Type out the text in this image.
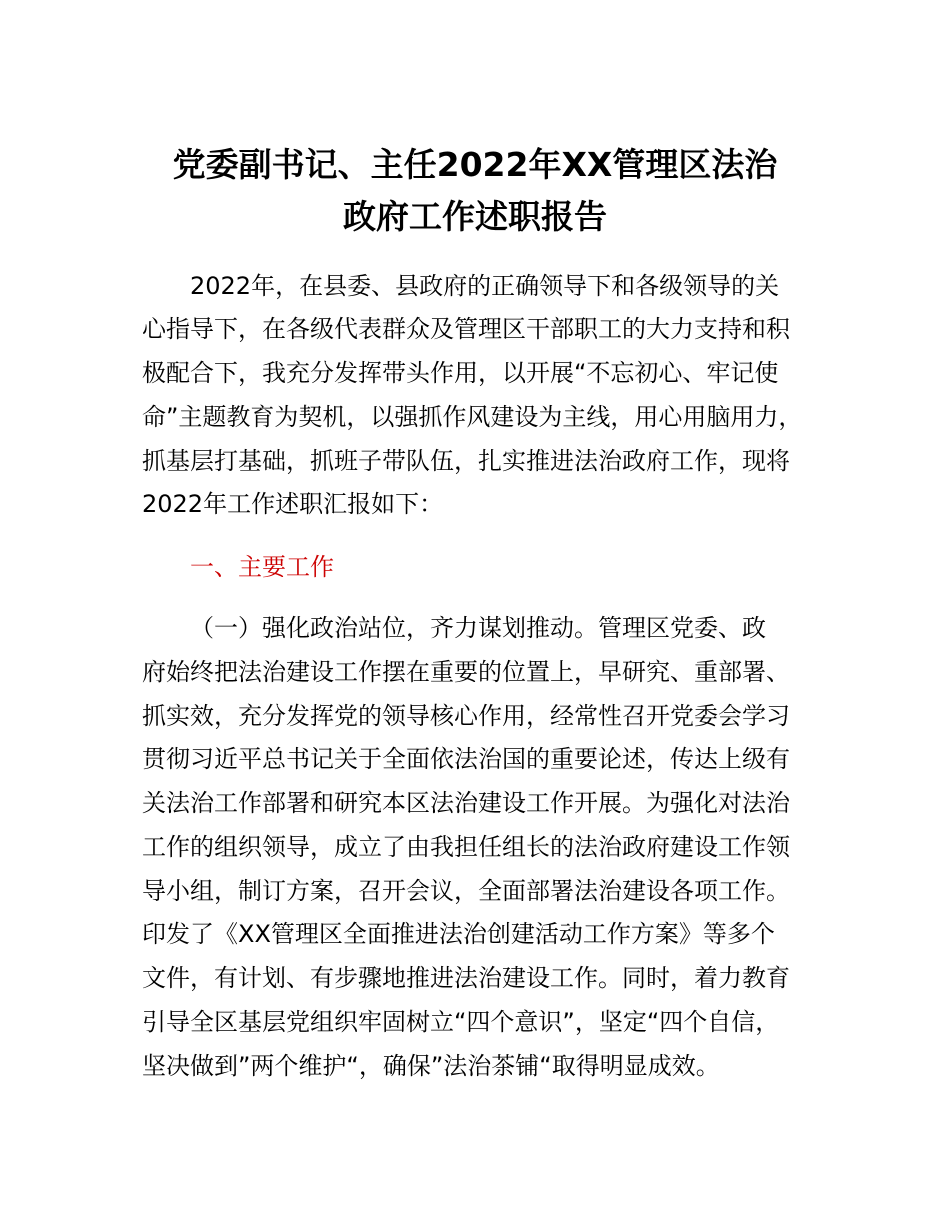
党委副书记、主任2022年XX管理区法治
政府工作述职报告
2022年，在县委、县政府的正确领导下和各级领导的关
心指导下，在各级代表群众及管理区干部职工的大力支持和积
极配合下，我充分发挥带头作用，以开展“不忘初心、牢记使
命”主题教育为契机，以强抓作风建设为主线，用心用脑用力，
抓基层打基础，抓班子带队伍，扎实推进法治政府工作，现将
2022年工作述职汇报如下：
一、主要工作
（一）强化政治站位，齐力谋划推动。管理区党委、政
府始终把法治建设工作摆在重要的位置上，早研究、重部署、
抓实效，充分发挥党的领导核心作用，经常性召开党委会学习
贯彻习近平总书记关于全面依法治国的重要论述，传达上级有
关法治工作部署和研究本区法治建设工作开展。为强化对法治
工作的组织领导，成立了由我担任组长的法治政府建设工作领
导小组，制订方案，召开会议，全面部署法治建设各项工作。
印发了《XX管理区全面推进法治创建活动工作方案》等多个
文件，有计划、有步骤地推进法治建设工作。同时，着力教育
引导全区基层党组织牢固树立“四个意识”，坚定“四个自信，
坚决做到”两个维护“，确保”法治茶铺“取得明显成效。
